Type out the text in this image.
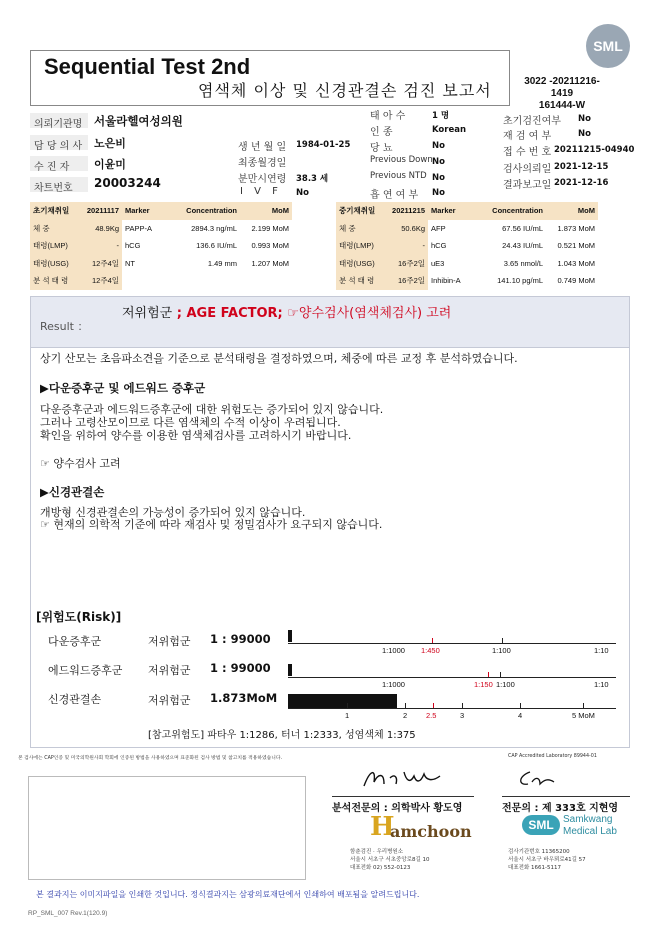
SML
Sequential Test 2nd
염색체 이상 및 신경관결손 검진 보고서	3022 -20211216-1419
161444-W
의뢰기관명 서울라헬여성의원
담 당 의 사 노은비
수 진 자 이윤미
차트번호 20003244
생 년 월 일 1984-01-25
최종월경일
분만시연령 38.3 세
I V F No
태 아 수	1 명
인 종	Korean
당 뇨	No
Previous Down No
Previous NTD No
흡 연 여 부 No
초기검진여부 No
재 검 여 부	No
접 수 번 호 20211215-04940
검사의뢰일 2021-12-15
결과보고일 2021-12-16
초기채취일	20211117	Marker	Concentration	MoM
체 중	48.9Kg	PAPP-A	2894.3 ng/mL	2.199 MoM
태령(LMP)	-	hCG	136.6 IU/mL	0.993 MoM
태령(USG)	12주4일	NT	1.49 mm	1.207 MoM
분 석 태 령	12주4일			
중기채취일	20211215	Marker	Concentration	MoM
체 중	50.6Kg	AFP	67.56 IU/mL	1.873 MoM
태령(LMP)	-	hCG	24.43 IU/mL	0.521 MoM
태령(USG)	16주2일	uE3	3.65 nmol/L	1.043 MoM
분 석 태 령	16주2일	Inhibin-A	141.10 pg/mL	0.749 MoM
Result ：
저위험군 ; AGE FACTOR; ☞양수검사(염색체검사) 고려
상기 산모는 초음파소견을 기준으로 분석태령을 결정하였으며, 체중에 따른 교정 후 분석하였습니다.
▶다운증후군 및 에드워드 증후군
다운증후군과 에드워드증후군에 대한 위험도는 증가되어 있지 않습니다.
그러나 고령산모이므로 다른 염색체의 수적 이상이 우려됩니다.
확인을 위하여 양수를 이용한 염색체검사를 고려하시기 바랍니다.
☞ 양수검사 고려
▶신경관결손
개방형 신경관결손의 가능성이 증가되어 있지 않습니다.
☞ 현재의 의학적 기준에 따라 재검사 및 정밀검사가 요구되지 않습니다.
[위험도(Risk)]
다운증후군	저위험군 1 : 99000
에드워드증후군 저위험군 1 : 99000
신경관결손	저위험군 1.873MoM
1:1000 1:450	1:100	1:10
1:1000	1:150 1:100	1:10
1	2	2.5	3	4	5 MoM
[참고위험도] 파타우 1:1286, 터너 1:2333, 성염색체 1:375
본 검사에는 CAP인증 및 미국의학원사회 학회에 인증된 방법을 사용하였으며 표준화된 검사 방법 및 참고치를 적용하였습니다.	CAP Accredited Laboratory 89944-01
분석전문의 : 의학박사 황도영	전문의 : 제 333호 지현영
H
amchoon	SML Samkwang
Medical Lab
함춘검진 · 우리병원소
서울시 서초구 서초중앙로8길 10
대표전화 02) 552-0123
검사기관번호 11365200
서울시 서초구 바우뫼로41길 57
대표전화 1661-5117
본 결과지는 이미지파일을 인쇄한 것입니다. 정식결과지는 삼광의료재단에서 인쇄하여 배포됨을 알려드립니다.
RP_SML_007 Rev.1(120.9)
